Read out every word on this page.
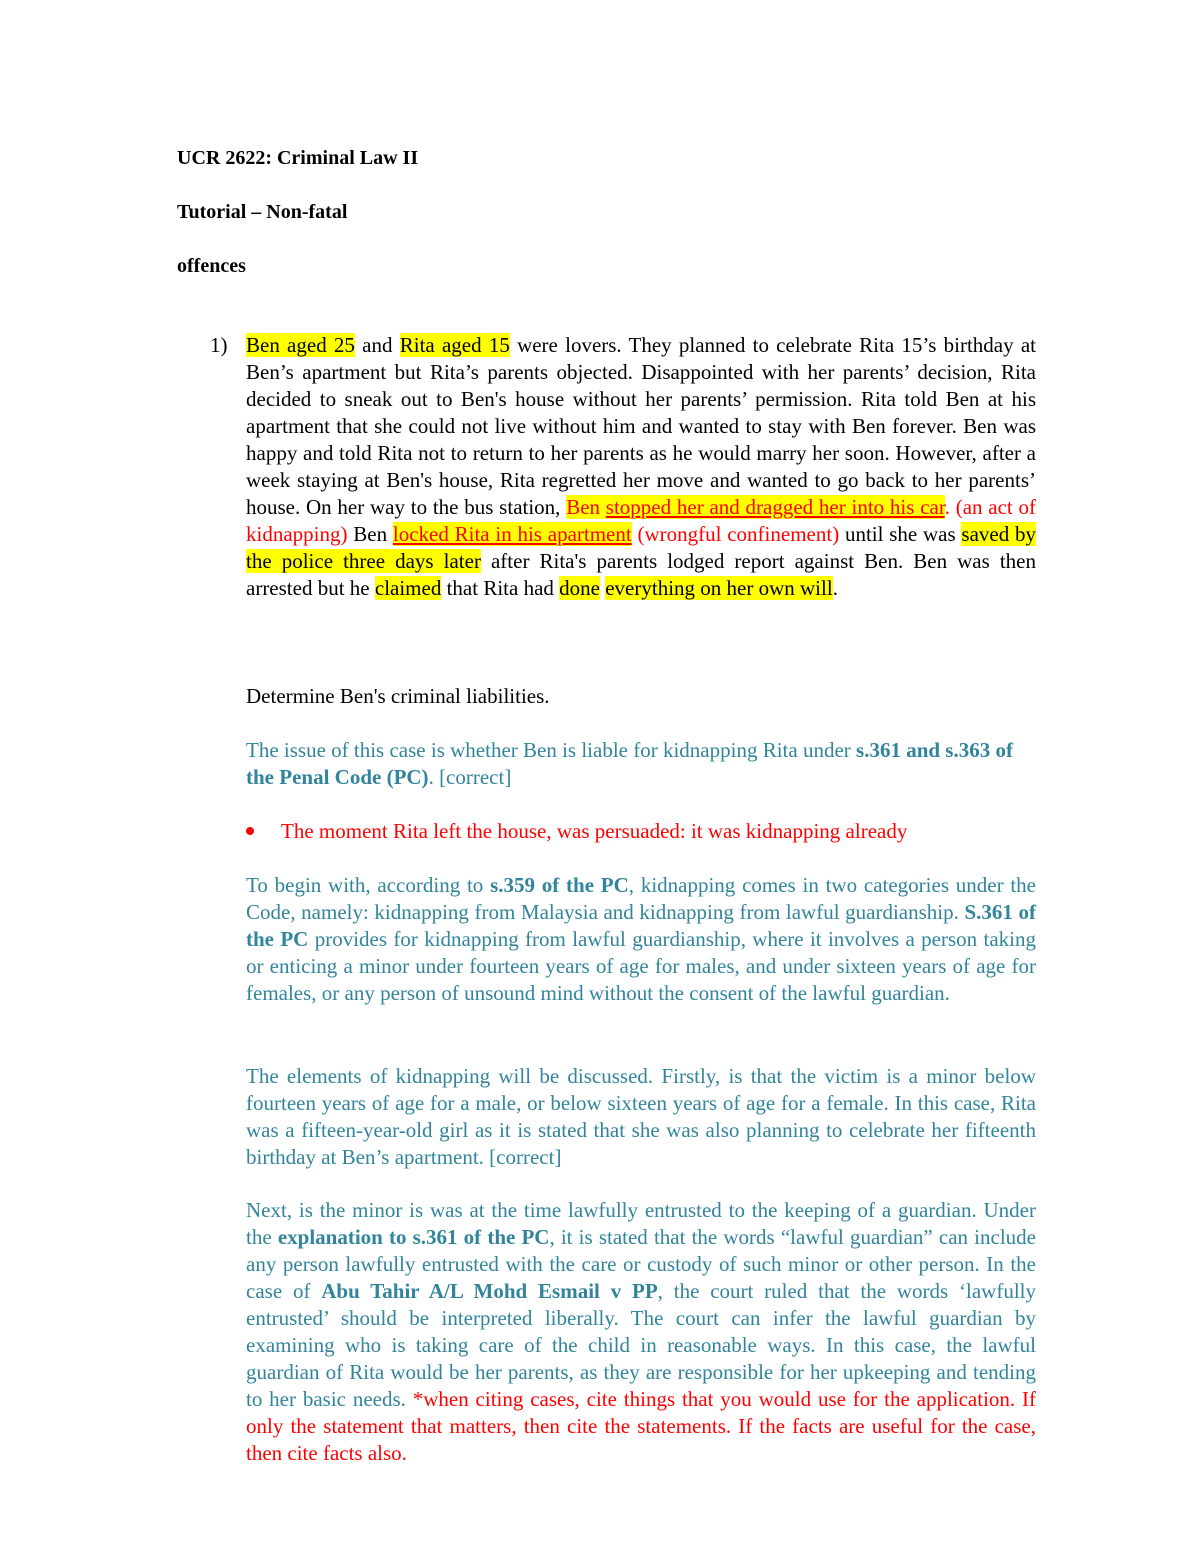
UCR 2622: Criminal Law II
Tutorial – Non-fatal
offences
1) Ben aged 25 and Rita aged 15 were lovers. They planned to celebrate Rita 15’s birthday at Ben’s apartment but Rita’s parents objected. Disappointed with her parents’ decision, Rita decided to sneak out to Ben's house without her parents’ permission. Rita told Ben at his apartment that she could not live without him and wanted to stay with Ben forever. Ben was happy and told Rita not to return to her parents as he would marry her soon. However, after a week staying at Ben's house, Rita regretted her move and wanted to go back to her parents’ house. On her way to the bus station, Ben stopped her and dragged her into his car. (an act of kidnapping) Ben locked Rita in his apartment (wrongful confinement) until she was saved by the police three days later after Rita's parents lodged report against Ben. Ben was then arrested but he claimed that Rita had done everything on her own will.
Determine Ben's criminal liabilities.
The issue of this case is whether Ben is liable for kidnapping Rita under s.361 and s.363 of the Penal Code (PC). [correct]
The moment Rita left the house, was persuaded: it was kidnapping already
To begin with, according to s.359 of the PC, kidnapping comes in two categories under the Code, namely: kidnapping from Malaysia and kidnapping from lawful guardianship. S.361 of the PC provides for kidnapping from lawful guardianship, where it involves a person taking or enticing a minor under fourteen years of age for males, and under sixteen years of age for females, or any person of unsound mind without the consent of the lawful guardian.
The elements of kidnapping will be discussed. Firstly, is that the victim is a minor below fourteen years of age for a male, or below sixteen years of age for a female. In this case, Rita was a fifteen-year-old girl as it is stated that she was also planning to celebrate her fifteenth birthday at Ben’s apartment. [correct]
Next, is the minor is was at the time lawfully entrusted to the keeping of a guardian. Under the explanation to s.361 of the PC, it is stated that the words “lawful guardian” can include any person lawfully entrusted with the care or custody of such minor or other person. In the case of Abu Tahir A/L Mohd Esmail v PP, the court ruled that the words ‘lawfully entrusted’ should be interpreted liberally. The court can infer the lawful guardian by examining who is taking care of the child in reasonable ways. In this case, the lawful guardian of Rita would be her parents, as they are responsible for her upkeeping and tending to her basic needs. *when citing cases, cite things that you would use for the application. If only the statement that matters, then cite the statements. If the facts are useful for the case, then cite facts also.
